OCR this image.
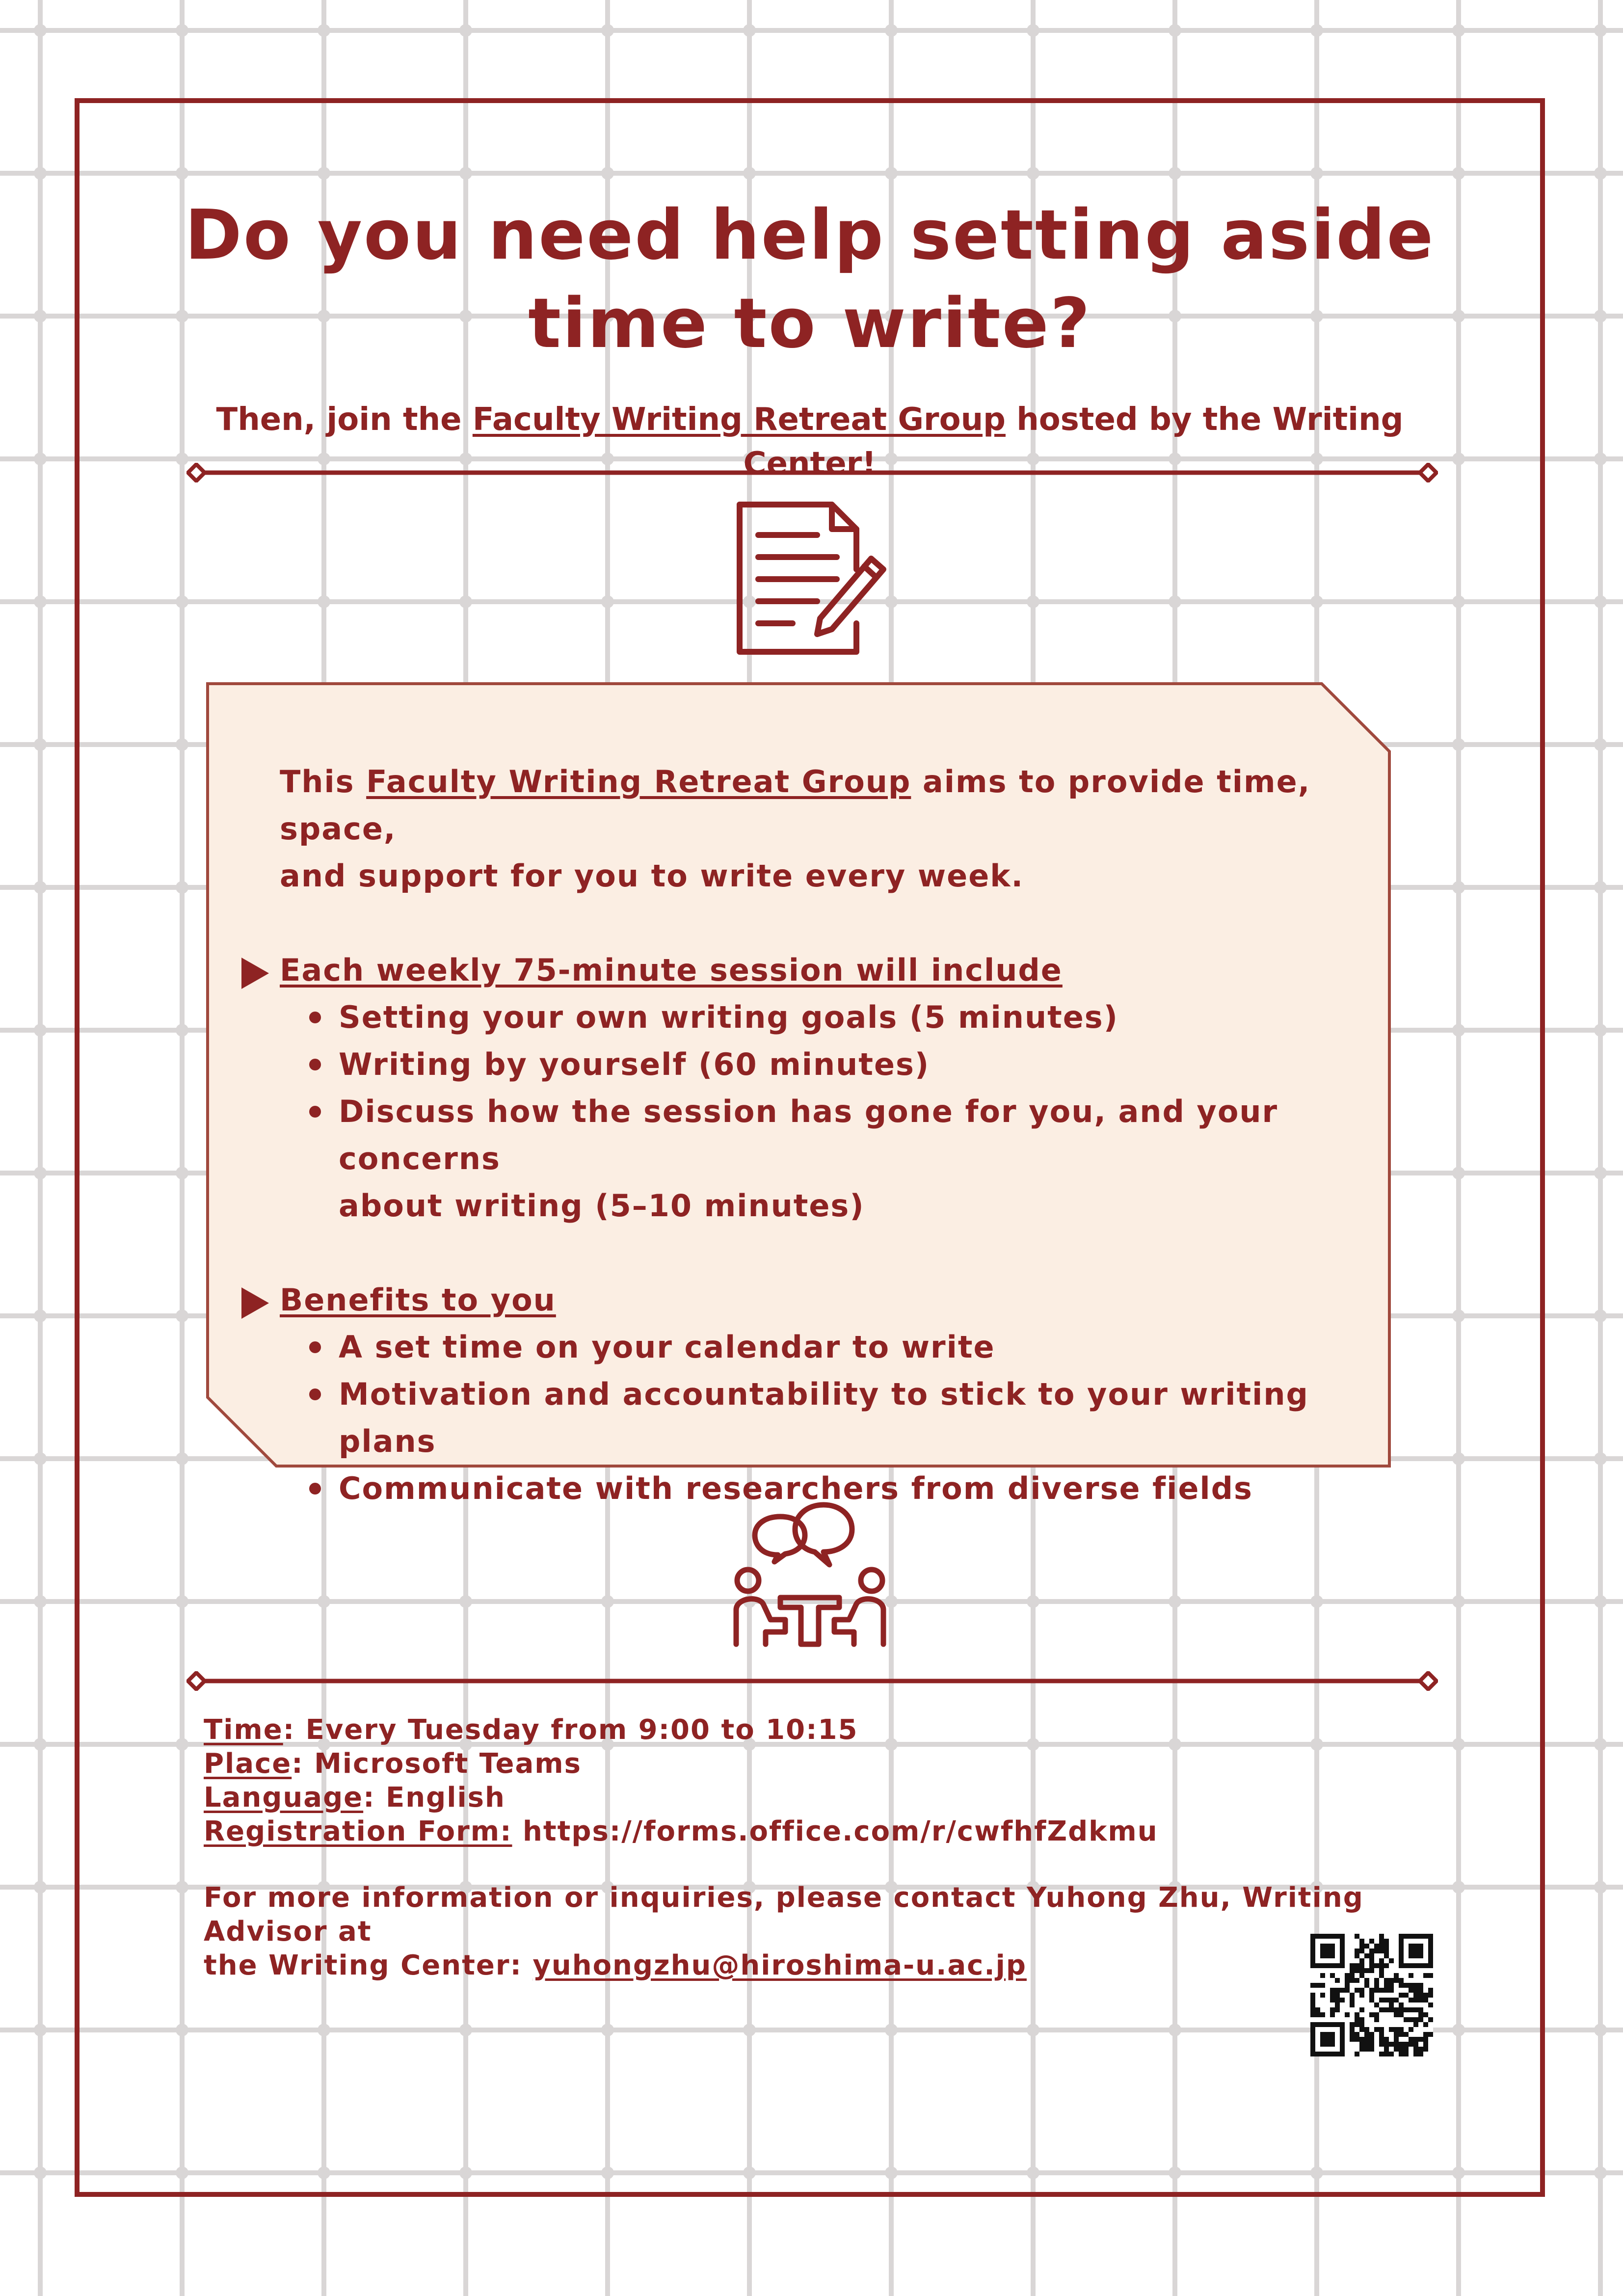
Do you need help setting aside
time to write?

Then, join the Faculty Writing Retreat Group hosted by the Writing Center!

This Faculty Writing Retreat Group aims to provide time, space,

and support for you to write every week.

Each weekly 75-minute session will include

Setting your own writing goals (5 minutes)
Writing by yourself (60 minutes)
Discuss how the session has gone for you, and your concerns
about writing (5–10 minutes)

Benefits to you

A set time on your calendar to write
Motivation and accountability to stick to your writing plans
Communicate with researchers from diverse fields

Time: Every Tuesday from 9:00 to 10:15

Place: Microsoft Teams

Language: English

Registration Form: https://forms.office.com/r/cwfhfZdkmu

For more information or inquiries, please contact Yuhong Zhu, Writing Advisor at

the Writing Center: yuhongzhu@hiroshima-u.ac.jp
